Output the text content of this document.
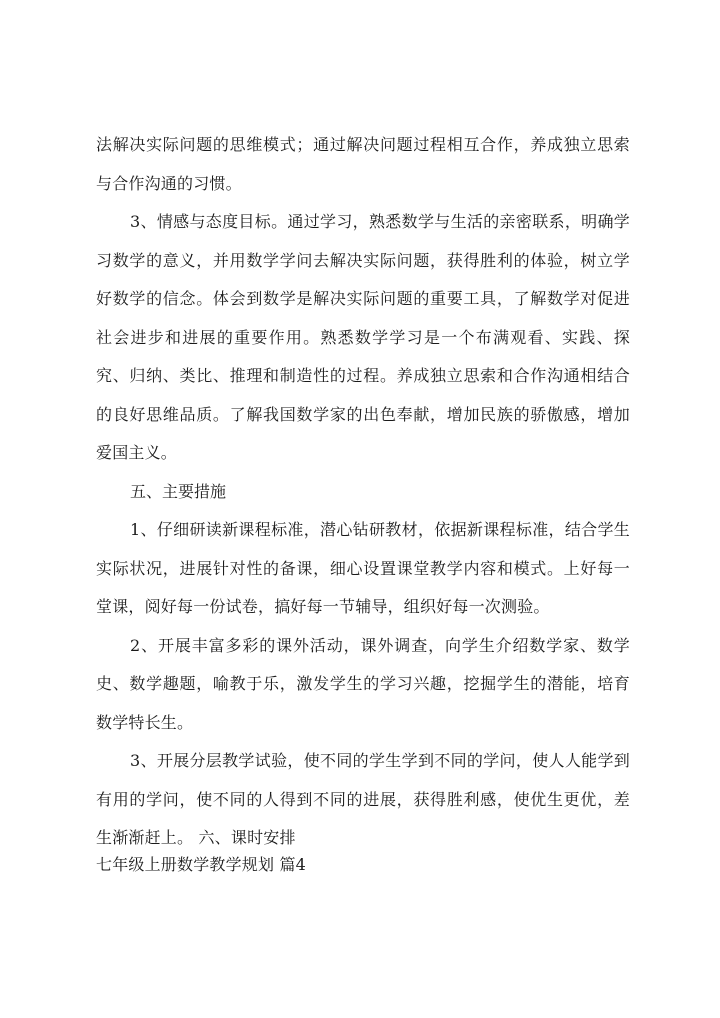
法解决实际问题的思维模式；通过解决问题过程相互合作，养成独立思索与合作沟通的习惯。

3、情感与态度目标。通过学习，熟悉数学与生活的亲密联系，明确学习数学的意义，并用数学学问去解决实际问题，获得胜利的体验，树立学好数学的信念。体会到数学是解决实际问题的重要工具，了解数学对促进社会进步和进展的重要作用。熟悉数学学习是一个布满观看、实践、探究、归纳、类比、推理和制造性的过程。养成独立思索和合作沟通相结合的良好思维品质。了解我国数学家的出色奉献，增加民族的骄傲感，增加爱国主义。

五、主要措施

1、仔细研读新课程标准，潜心钻研教材，依据新课程标准，结合学生实际状况，进展针对性的备课，细心设置课堂教学内容和模式。上好每一堂课，阅好每一份试卷，搞好每一节辅导，组织好每一次测验。

2、开展丰富多彩的课外活动，课外调查，向学生介绍数学家、数学史、数学趣题，喻教于乐，激发学生的学习兴趣，挖掘学生的潜能，培育数学特长生。

3、开展分层教学试验，使不同的学生学到不同的学问，使人人能学到有用的学问，使不同的人得到不同的进展，获得胜利感，使优生更优，差生渐渐赶上。 六、课时安排

七年级上册数学教学规划 篇4
